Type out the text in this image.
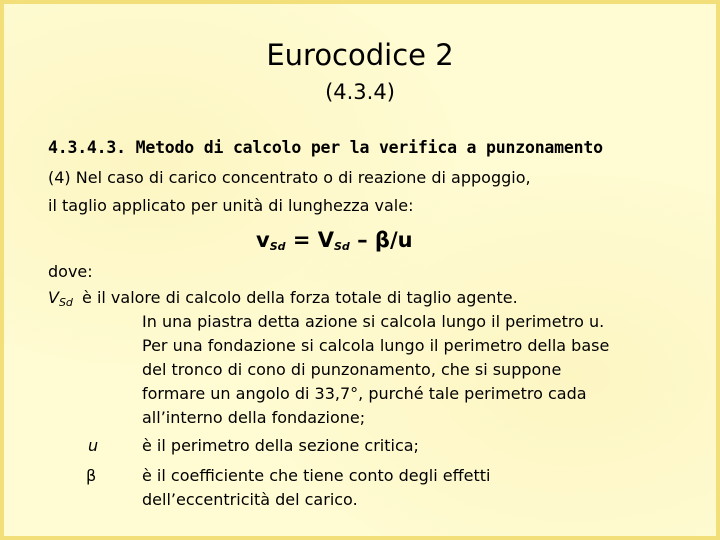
Eurocodice 2
(4.3.4)
4.3.4.3. Metodo di calcolo per la verifica a punzonamento
(4) Nel caso di carico concentrato o di reazione di appoggio,
il taglio applicato per unità di lunghezza vale:
$v_{Sd} = V_{Sd} - \beta/u$
dove:
$V_{Sd}$ è il valore di calcolo della forza totale di taglio agente.
In una piastra detta azione si calcola lungo il perimetro u.
Per una fondazione si calcola lungo il perimetro della base
del tronco di cono di punzonamento, che si suppone
formare un angolo di 33,7°, purché tale perimetro cada
all’interno della fondazione;
u	è il perimetro della sezione critica;
β	è il coefficiente che tiene conto degli effetti
dell’eccentricità del carico.
